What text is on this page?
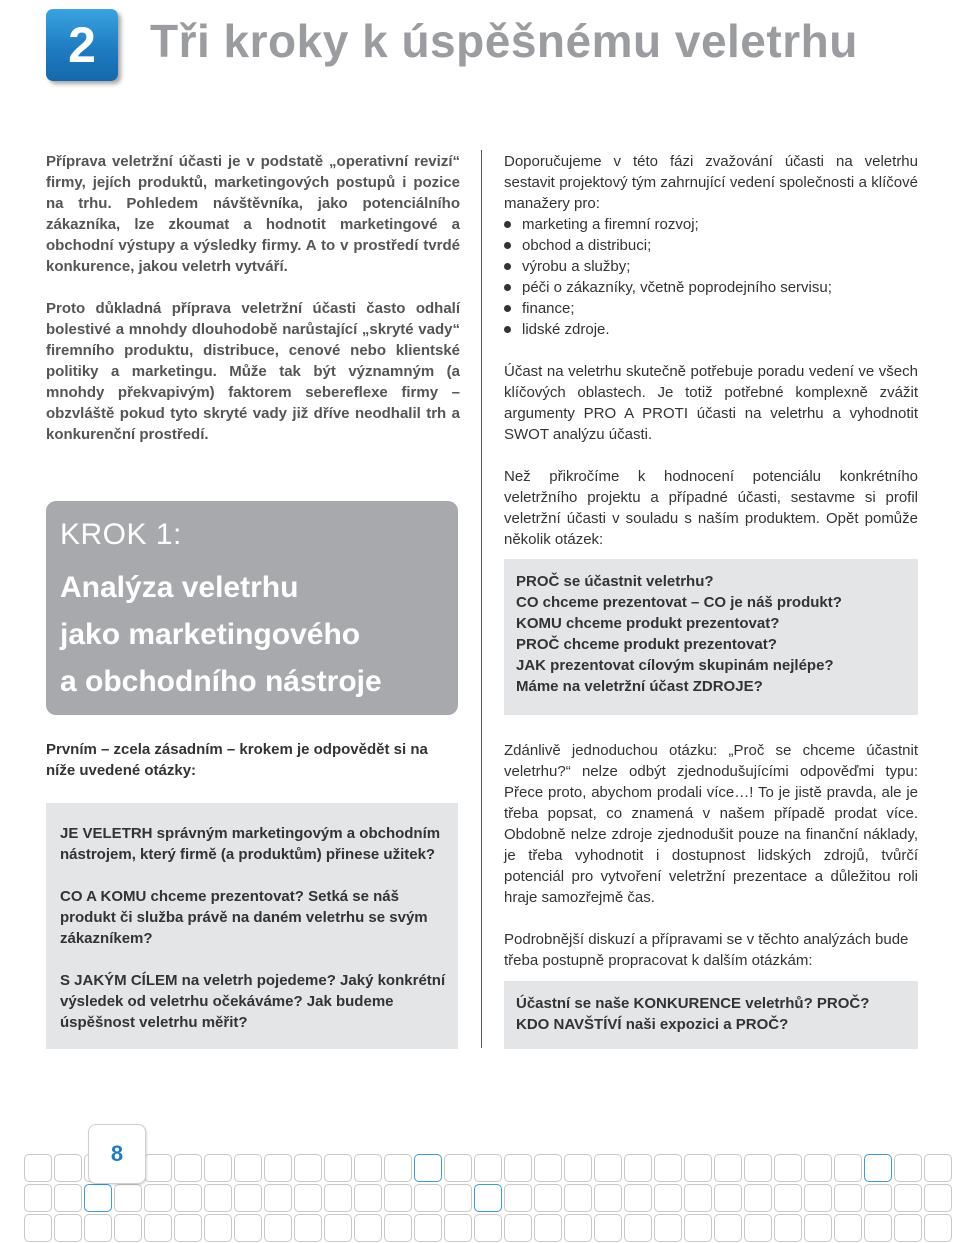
2	Tři kroky k úspěšnému veletrhu

Příprava veletržní účasti je v podstatě „operativní revizí“ firmy, jejích produktů, marketingových postupů i pozice na trhu. Pohledem návštěvníka, jako potenciálního zákazníka, lze zkoumat a hodnotit marketingové a obchodní výstupy a výsledky firmy. A to v prostředí tvrdé konkurence, jakou veletrh vytváří.

Proto důkladná příprava veletržní účasti často odhalí bolestivé a mnohdy dlouhodobě narůstající „skryté vady“ firemního produktu, distribuce, cenové nebo klientské politiky a marketingu. Může tak být významným (a mnohdy překvapivým) faktorem sebereflexe firmy – obzvláště pokud tyto skryté vady již dříve neodhalil trh a konkurenční prostředí.

KROK 1:
Analýza veletrhu
jako marketingového
a obchodního nástroje

Prvním – zcela zásadním – krokem je odpovědět si na níže uvedené otázky:

JE VELETRH správným marketingovým a obchodním nástrojem, který firmě (a produktům) přinese užitek?

CO A KOMU chceme prezentovat? Setká se náš produkt či služba právě na daném veletrhu se svým zákazníkem?

S JAKÝM CÍLEM na veletrh pojedeme? Jaký konkrétní výsledek od veletrhu očekáváme? Jak budeme úspěšnost veletrhu měřit?

Doporučujeme v této fázi zvažování účasti na veletrhu sestavit projektový tým zahrnující vedení společnosti a klíčové manažery pro:

marketing a firemní rozvoj;
obchod a distribuci;
výrobu a služby;
péči o zákazníky, včetně poprodejního servisu;
finance;
lidské zdroje.

Účast na veletrhu skutečně potřebuje poradu vedení ve všech klíčových oblastech. Je totiž potřebné komplexně zvážit argumenty PRO A PROTI účasti na veletrhu a vyhodnotit SWOT analýzu účasti.

Než přikročíme k hodnocení potenciálu konkrétního veletržního projektu a případné účasti, sestavme si profil veletržní účasti v souladu s naším produktem. Opět pomůže několik otázek:

PROČ se účastnit veletrhu?

CO chceme prezentovat – CO je náš produkt?

KOMU chceme produkt prezentovat?

PROČ chceme produkt prezentovat?

JAK prezentovat cílovým skupinám nejlépe?

Máme na veletržní účast ZDROJE?

Zdánlivě jednoduchou otázku: „Proč se chceme účastnit veletrhu?“ nelze odbýt zjednodušujícími odpověďmi typu: Přece proto, abychom prodali více…! To je jistě pravda, ale je třeba popsat, co znamená v našem případě prodat více. Obdobně nelze zdroje zjednodušit pouze na finanční náklady, je třeba vyhodnotit i dostupnost lidských zdrojů, tvůrčí potenciál pro vytvoření veletržní prezentace a důležitou roli hraje samozřejmě čas.

Podrobnější diskuzí a přípravami se v těchto analýzách bude třeba postupně propracovat k dalším otázkám:

Účastní se naše KONKURENCE veletrhů? PROČ?

KDO NAVŠTÍVÍ naši expozici a PROČ?

8
